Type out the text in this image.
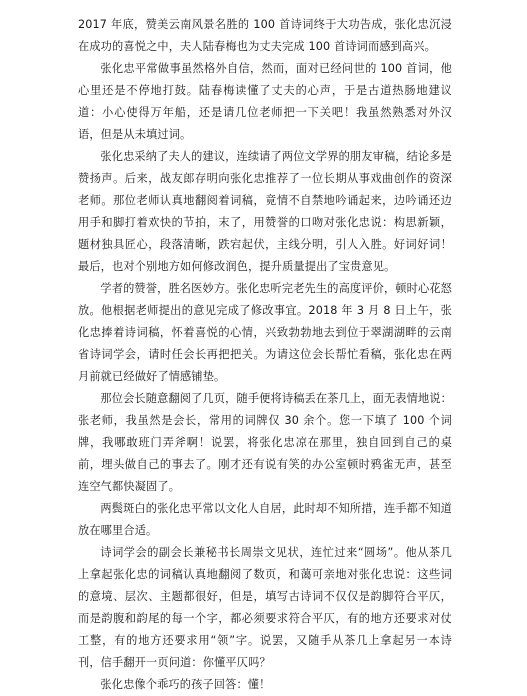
2017 年底，赞美云南风景名胜的 100 首诗词终于大功告成，张化忠沉浸在成功的喜悦之中，夫人陆春梅也为丈夫完成 100 首诗词而感到高兴。

张化忠平常做事虽然格外自信，然而，面对已经问世的 100 首词，他心里还是不停地打鼓。陆春梅读懂了丈夫的心声，于是古道热肠地建议道：小心使得万年船，还是请几位老师把一下关吧！我虽然熟悉对外汉语，但是从未填过词。

张化忠采纳了夫人的建议，连续请了两位文学界的朋友审稿，结论多是赞扬声。后来，战友郎存明向张化忠推荐了一位长期从事戏曲创作的资深老师。那位老师认真地翻阅着词稿，竟情不自禁地吟诵起来，边吟诵还边用手和脚打着欢快的节拍，末了，用赞誉的口吻对张化忠说：构思新颖，题材独具匠心，段落清晰，跌宕起伏，主线分明，引人入胜。好词好词！最后，也对个别地方如何修改润色，提升质量提出了宝贵意见。

学者的赞誉，胜名医妙方。张化忠听完老先生的高度评价，顿时心花怒放。他根据老师提出的意见完成了修改事宜。2018 年 3 月 8 日上午，张化忠捧着诗词稿，怀着喜悦的心情，兴致勃勃地去到位于翠湖湖畔的云南省诗词学会，请时任会长再把把关。为请这位会长帮忙看稿，张化忠在两月前就已经做好了情感铺垫。

那位会长随意翻阅了几页，随手便将诗稿丢在茶几上，面无表情地说：张老师，我虽然是会长，常用的词牌仅 30 余个。您一下填了 100 个词牌，我哪敢班门弄斧啊！说罢，将张化忠凉在那里，独自回到自己的桌前，埋头做自己的事去了。刚才还有说有笑的办公室顿时鸦雀无声，甚至连空气都快凝固了。

两鬓斑白的张化忠平常以文化人自居，此时却不知所措，连手都不知道放在哪里合适。

诗词学会的副会长兼秘书长周崇文见状，连忙过来“圆场”。他从茶几上拿起张化忠的词稿认真地翻阅了数页，和蔼可亲地对张化忠说：这些词的意境、层次、主题都很好，但是，填写古诗词不仅仅是韵脚符合平仄，而是韵腹和韵尾的每一个字，都必须要求符合平仄，有的地方还要求对仗工整，有的地方还要求用“领”字。说罢，又随手从茶几上拿起另一本诗刊，信手翻开一页问道：你懂平仄吗？

张化忠像个乖巧的孩子回答：懂！
